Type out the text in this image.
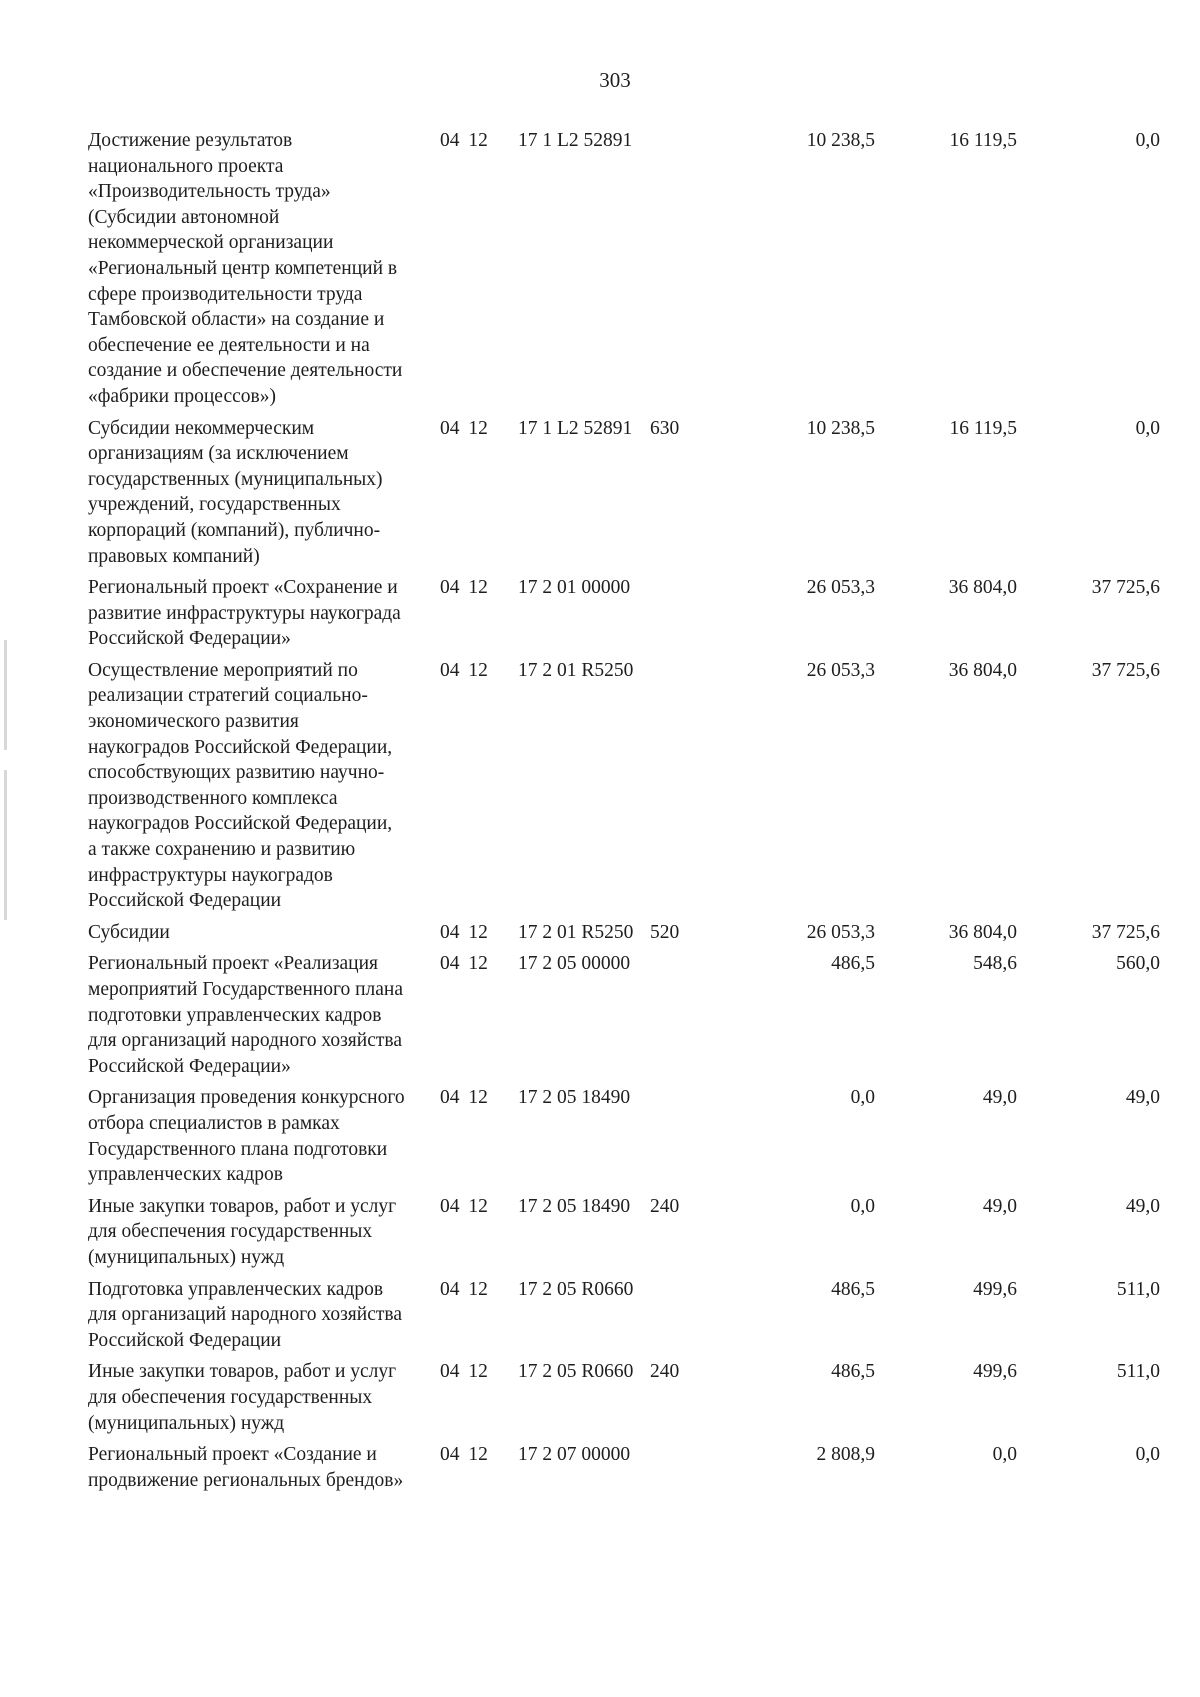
303
Достижение результатов
национального проекта
«Производительность труда»
(Субсидии автономной
некоммерческой организации
«Региональный центр компетенций в
сфере производительности труда
Тамбовской области» на создание и
обеспечение ее деятельности и на
создание и обеспечение деятельности
«фабрики процессов»)
04 12	17 1 L2 52891	10 238,5	16 119,5	0,0
Субсидии некоммерческим
организациям (за исключением
государственных (муниципальных)
учреждений, государственных
корпораций (компаний), публично-
правовых компаний)
04 12	17 1 L2 52891 630	10 238,5	16 119,5	0,0
Региональный проект «Сохранение и
развитие инфраструктуры наукограда
Российской Федерации»
04 12	17 2 01 00000	26 053,3	36 804,0	37 725,6
Осуществление мероприятий по
реализации стратегий социально-
экономического развития
наукоградов Российской Федерации,
способствующих развитию научно-
производственного комплекса
наукоградов Российской Федерации,
а также сохранению и развитию
инфраструктуры наукоградов
Российской Федерации
04 12	17 2 01 R5250	26 053,3	36 804,0	37 725,6
Субсидии	04 12	17 2 01 R5250 520	26 053,3	36 804,0	37 725,6
Региональный проект «Реализация
мероприятий Государственного плана
подготовки управленческих кадров
для организаций народного хозяйства
Российской Федерации»
04 12	17 2 05 00000	486,5	548,6	560,0
Организация проведения конкурсного
отбора специалистов в рамках
Государственного плана подготовки
управленческих кадров
04 12	17 2 05 18490	0,0	49,0	49,0
Иные закупки товаров, работ и услуг
для обеспечения государственных
(муниципальных) нужд
04 12	17 2 05 18490	240	0,0	49,0	49,0
Подготовка управленческих кадров
для организаций народного хозяйства
Российской Федерации
04 12	17 2 05 R0660	486,5	499,6	511,0
Иные закупки товаров, работ и услуг
для обеспечения государственных
(муниципальных) нужд
04 12	17 2 05 R0660 240	486,5	499,6	511,0
Региональный проект «Создание и
продвижение региональных брендов»
04 12	17 2 07 00000	2 808,9	0,0	0,0
